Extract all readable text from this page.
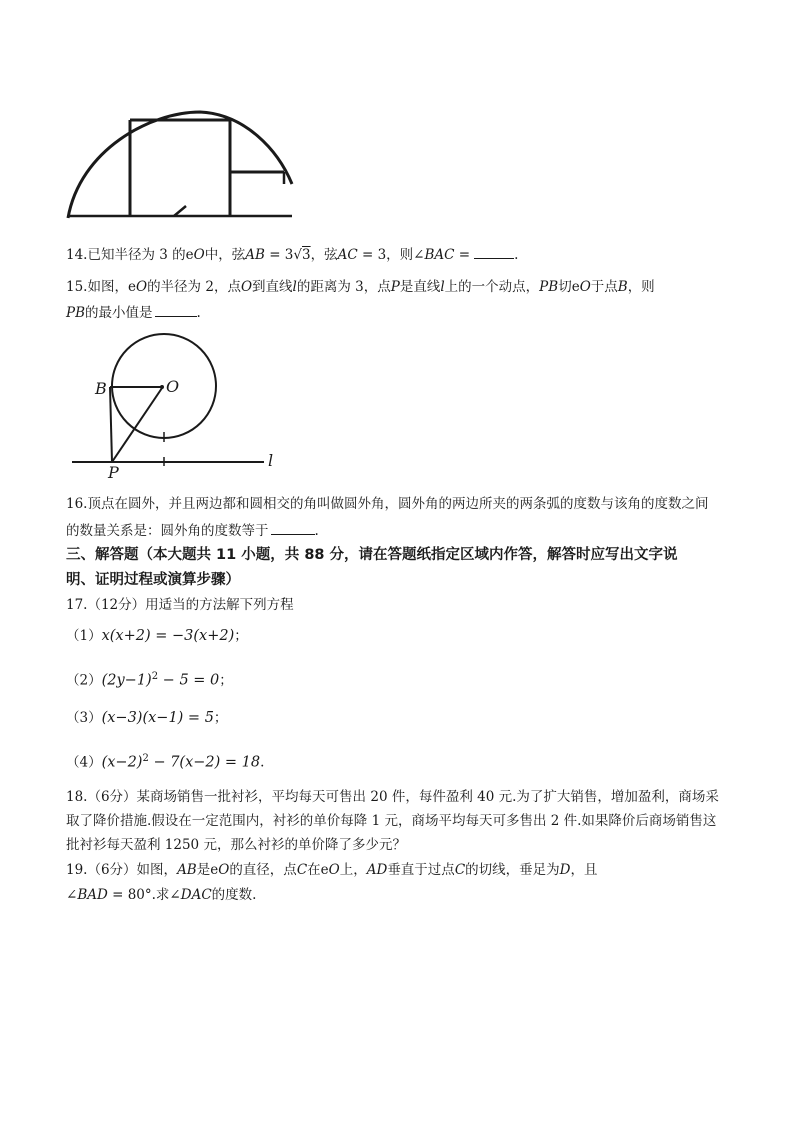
14.已知半径为 3 的eO中，弦AB = 3√3，弦AC = 3，则∠BAC =	.
15.如图，eO的半径为 2，点O到直线l的距离为 3，点P是直线l上的一个动点，PB切eO于点B，则
PB的最小值是	.
B	O
P
l
16.顶点在圆外，并且两边都和圆相交的角叫做圆外角，圆外角的两边所夹的两条弧的度数与该角的度数之间
的数量关系是：圆外角的度数等于	.
三、解答题（本大题共 11 小题，共 88 分，请在答题纸指定区域内作答，解答时应写出文字说
明、证明过程或演算步骤）
17.（12分）用适当的方法解下列方程
（1）x(x+2) = −3(x+2)；
$(2)(2y-1)^2 - 5 = 0$；
（3）(x−3)(x−1) = 5；
$(4)(x-2)^2 - 7(x-2) = 18$.
18.（6分）某商场销售一批衬衫，平均每天可售出 20 件，每件盈利 40 元.为了扩大销售，增加盈利，商场采
取了降价措施.假设在一定范围内，衬衫的单价每降 1 元，商场平均每天可多售出 2 件.如果降价后商场销售这
批衬衫每天盈利 1250 元，那么衬衫的单价降了多少元？
19.（6分）如图，AB是eO的直径，点C在eO上，AD垂直于过点C的切线，垂足为D，且
∠BAD = 80°.求∠DAC的度数.
